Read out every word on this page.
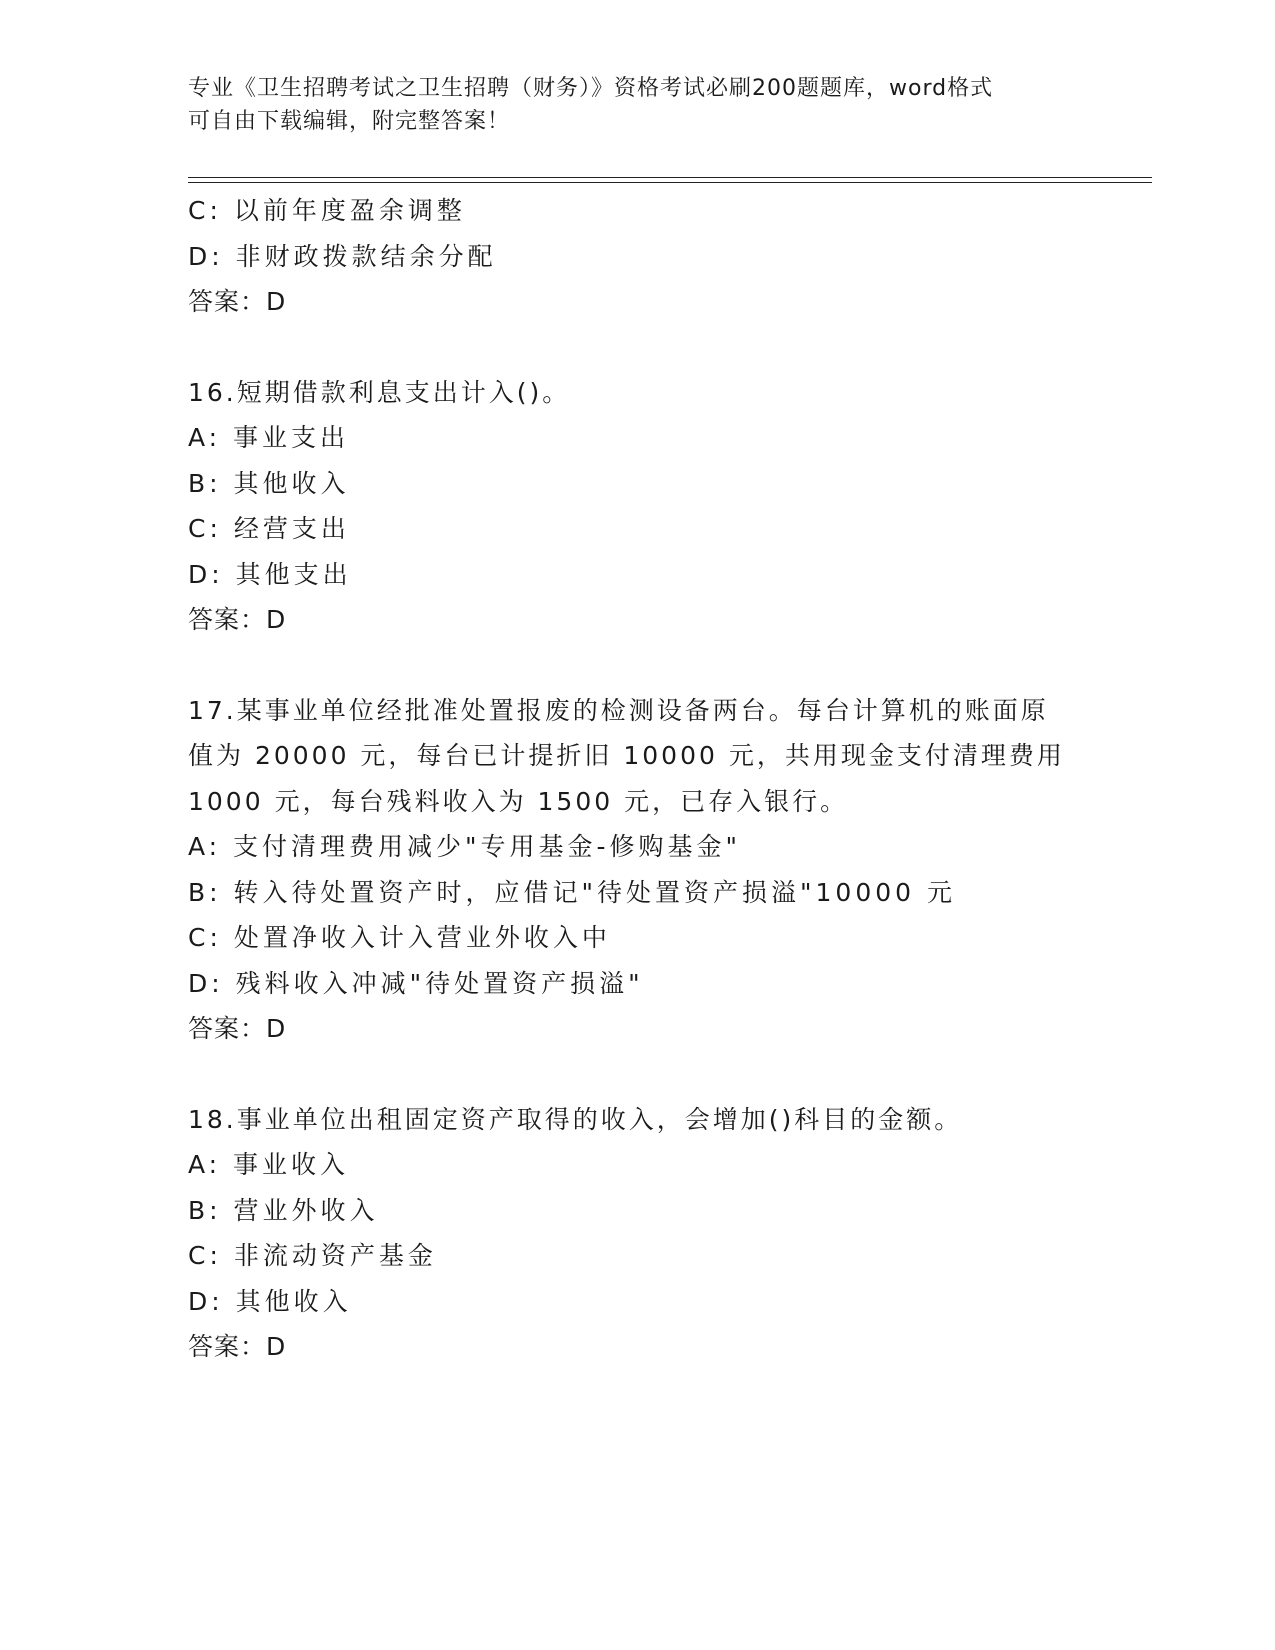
专业《卫生招聘考试之卫生招聘（财务）》资格考试必刷200题题库，word格式
可自由下载编辑，附完整答案！
C: 以前年度盈余调整
D: 非财政拨款结余分配
答案：D
16.短期借款利息支出计入()。
A: 事业支出
B: 其他收入
C: 经营支出
D: 其他支出
答案：D
17.某事业单位经批准处置报废的检测设备两台。每台计算机的账面原
值为 20000 元，每台已计提折旧 10000 元，共用现金支付清理费用
1000 元，每台残料收入为 1500 元，已存入银行。
A: 支付清理费用减少"专用基金-修购基金"
B: 转入待处置资产时，应借记"待处置资产损溢"10000 元
C: 处置净收入计入营业外收入中
D: 残料收入冲减"待处置资产损溢"
答案：D
18.事业单位出租固定资产取得的收入，会增加()科目的金额。
A: 事业收入
B: 营业外收入
C: 非流动资产基金
D: 其他收入
答案：D
